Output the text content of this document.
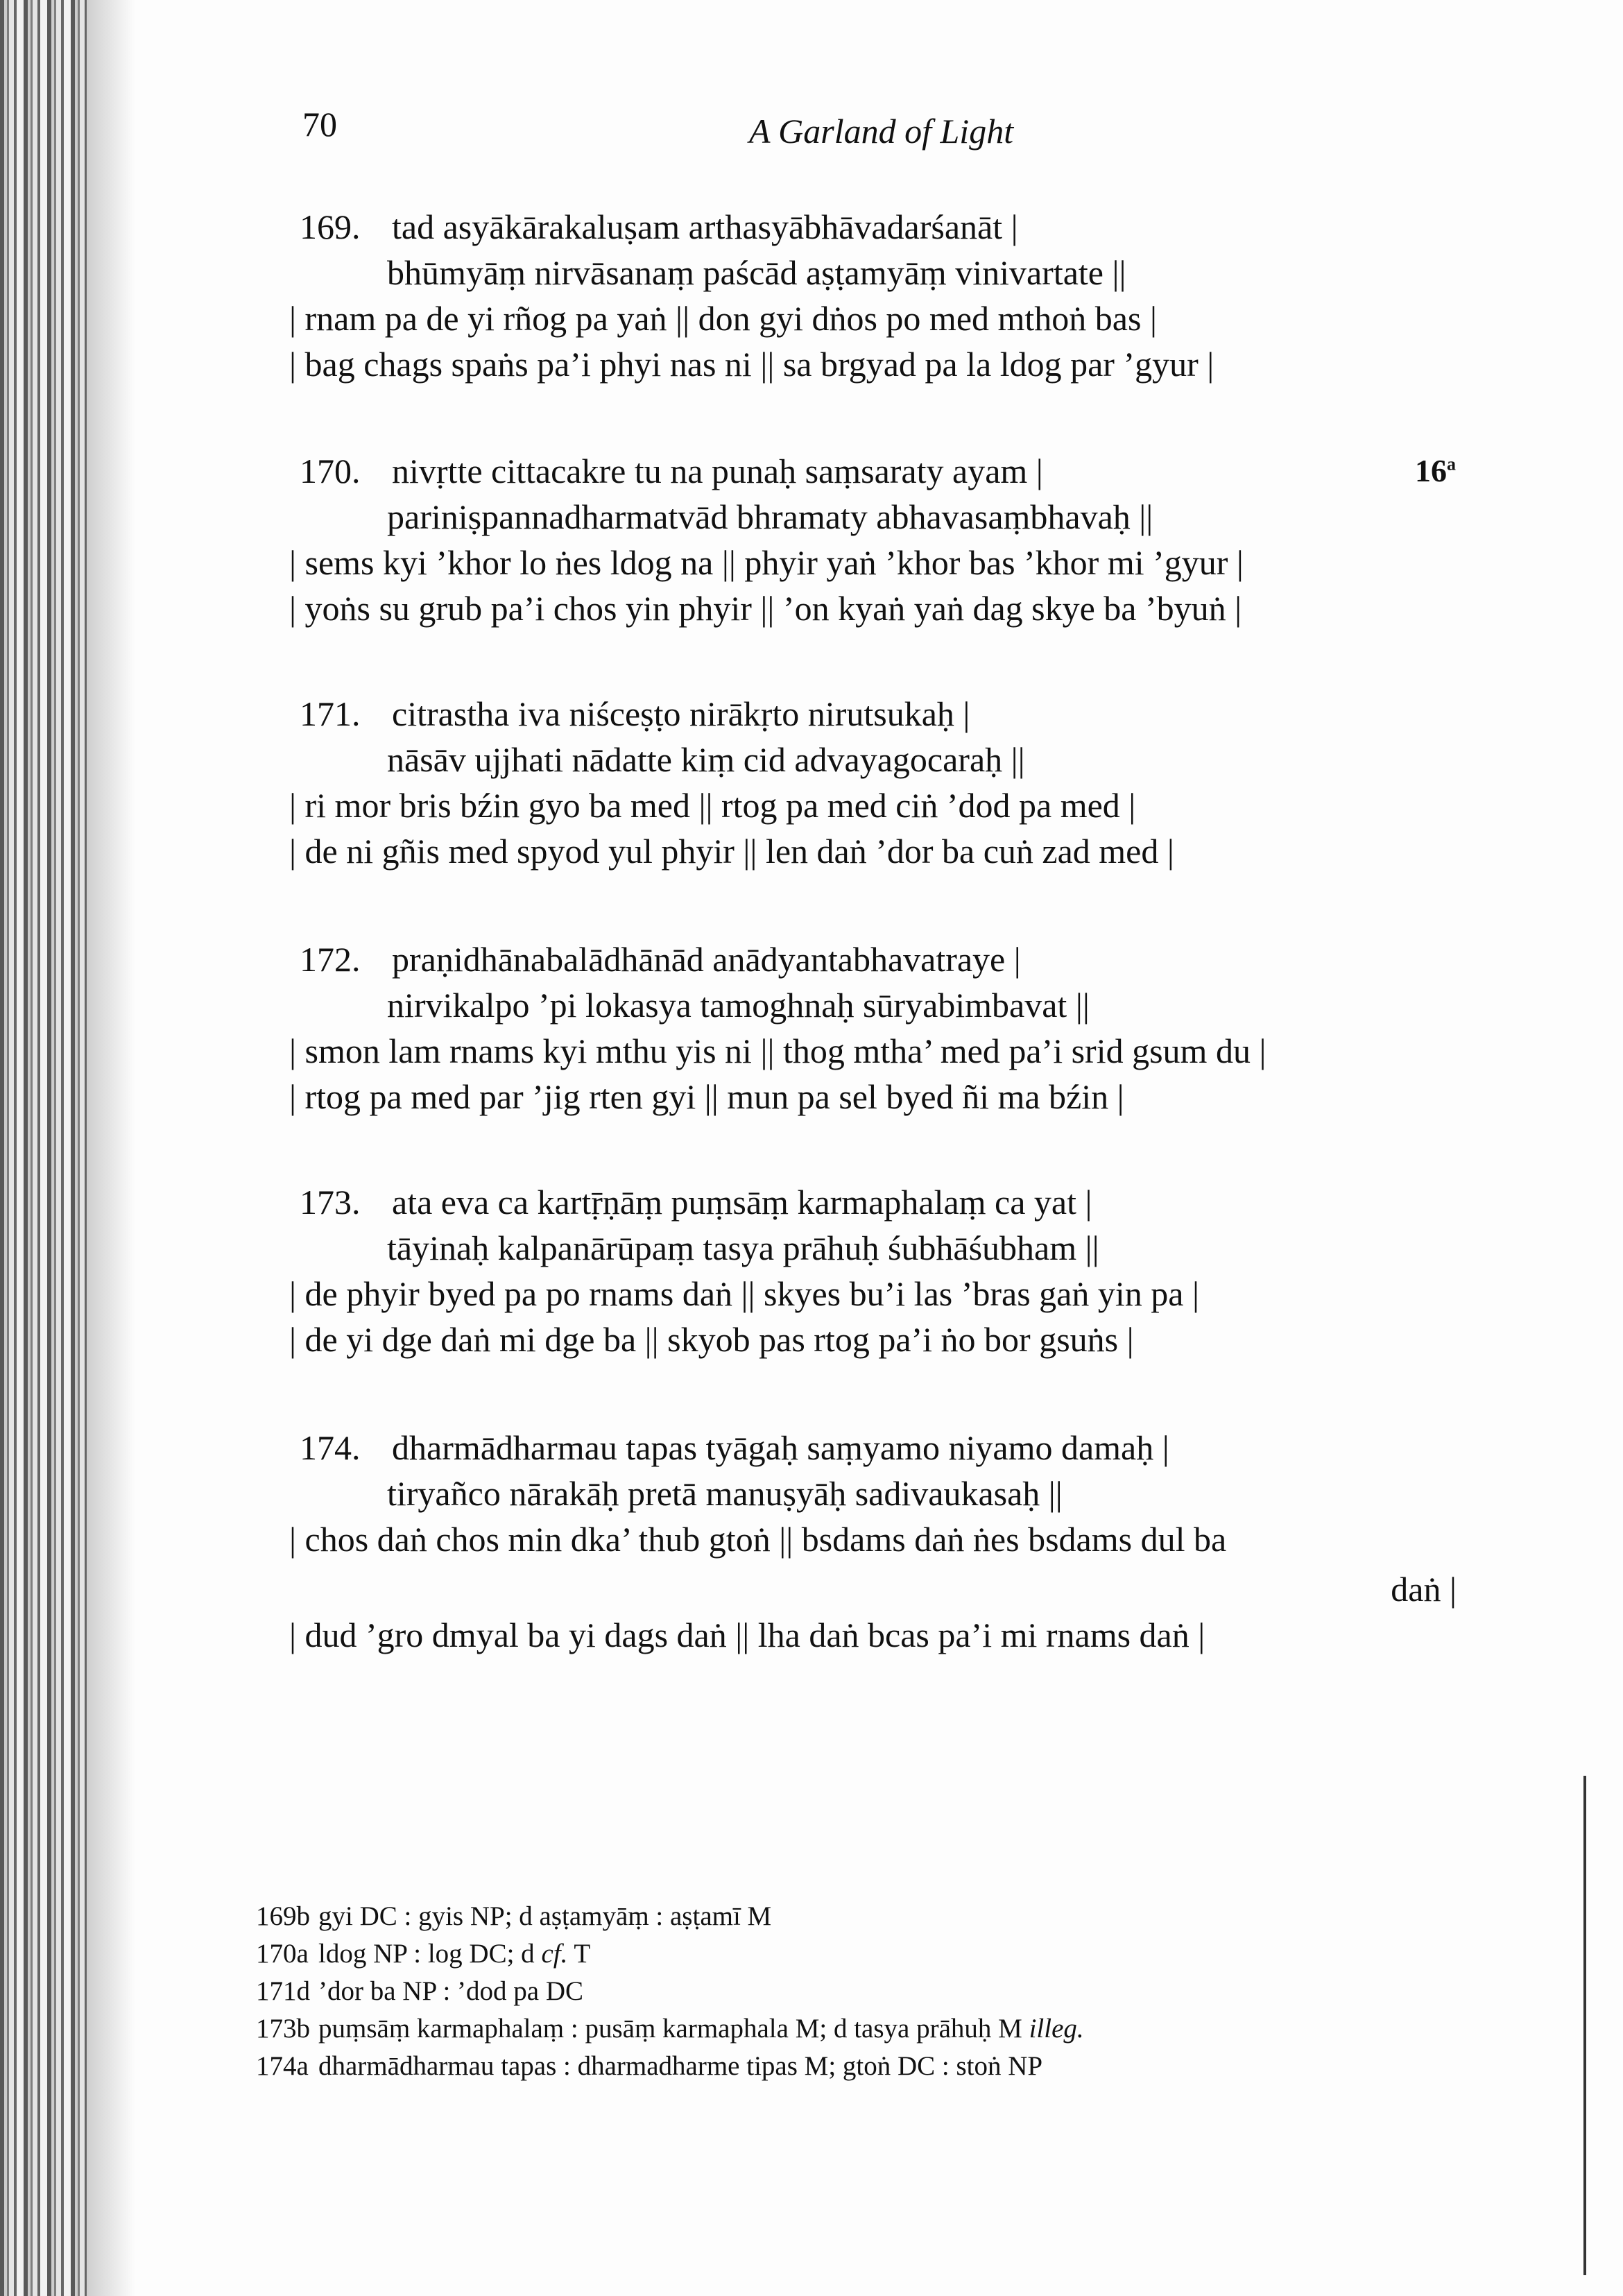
70	A Garland of Light
16$^a$
169. tad asyākārakaluṣam arthasyābhāvadarśanāt |
bhūmyāṃ nirvāsanaṃ paścād aṣṭamyāṃ vinivartate ||
| rnam pa de yi rñog pa yaṅ || don gyi dṅos po med mthoṅ bas |
| bag chags spaṅs pa’i phyi nas ni || sa brgyad pa la ldog par ’gyur |
170. nivṛtte cittacakre tu na punaḥ saṃsaraty ayam |
pariniṣpannadharmatvād bhramaty abhavasaṃbhavaḥ ||
| sems kyi ’khor lo ṅes ldog na || phyir yaṅ ’khor bas ’khor mi ’gyur |
| yoṅs su grub pa’i chos yin phyir || ’on kyaṅ yaṅ dag skye ba ’byuṅ |
171. citrastha iva niśceṣṭo nirākṛto nirutsukaḥ |
nāsāv ujjhati nādatte kiṃ cid advayagocaraḥ ||
| ri mor bris bźin gyo ba med || rtog pa med ciṅ ’dod pa med |
| de ni gñis med spyod yul phyir || len daṅ ’dor ba cuṅ zad med |
172. praṇidhānabalādhānād anādyantabhavatraye |
nirvikalpo ’pi lokasya tamoghnaḥ sūryabimbavat ||
| smon lam rnams kyi mthu yis ni || thog mtha’ med pa’i srid gsum du |
| rtog pa med par ’jig rten gyi || mun pa sel byed ñi ma bźin |
173. ata eva ca kartṝṇāṃ puṃsāṃ karmaphalaṃ ca yat |
tāyinaḥ kalpanārūpaṃ tasya prāhuḥ śubhāśubham ||
| de phyir byed pa po rnams daṅ || skyes bu’i las ’bras gaṅ yin pa |
| de yi dge daṅ mi dge ba || skyob pas rtog pa’i ṅo bor gsuṅs |
174. dharmādharmau tapas tyāgaḥ saṃyamo niyamo damaḥ |
tiryañco nārakāḥ pretā manuṣyāḥ sadivaukasaḥ ||
| chos daṅ chos min dka’ thub gtoṅ || bsdams daṅ ṅes bsdams dul ba
daṅ |
| dud ’gro dmyal ba yi dags daṅ || lha daṅ bcas pa’i mi rnams daṅ |
169b gyi DC : gyis NP; d aṣṭamyāṃ : aṣṭamī M
170a ldog NP : log DC; d cf. T
171d ’dor ba NP : ’dod pa DC
173b puṃsāṃ karmaphalaṃ : pusāṃ karmaphala M; d tasya prāhuḥ M illeg.
174a dharmādharmau tapas : dharmadharme tipas M; gtoṅ DC : stoṅ NP
